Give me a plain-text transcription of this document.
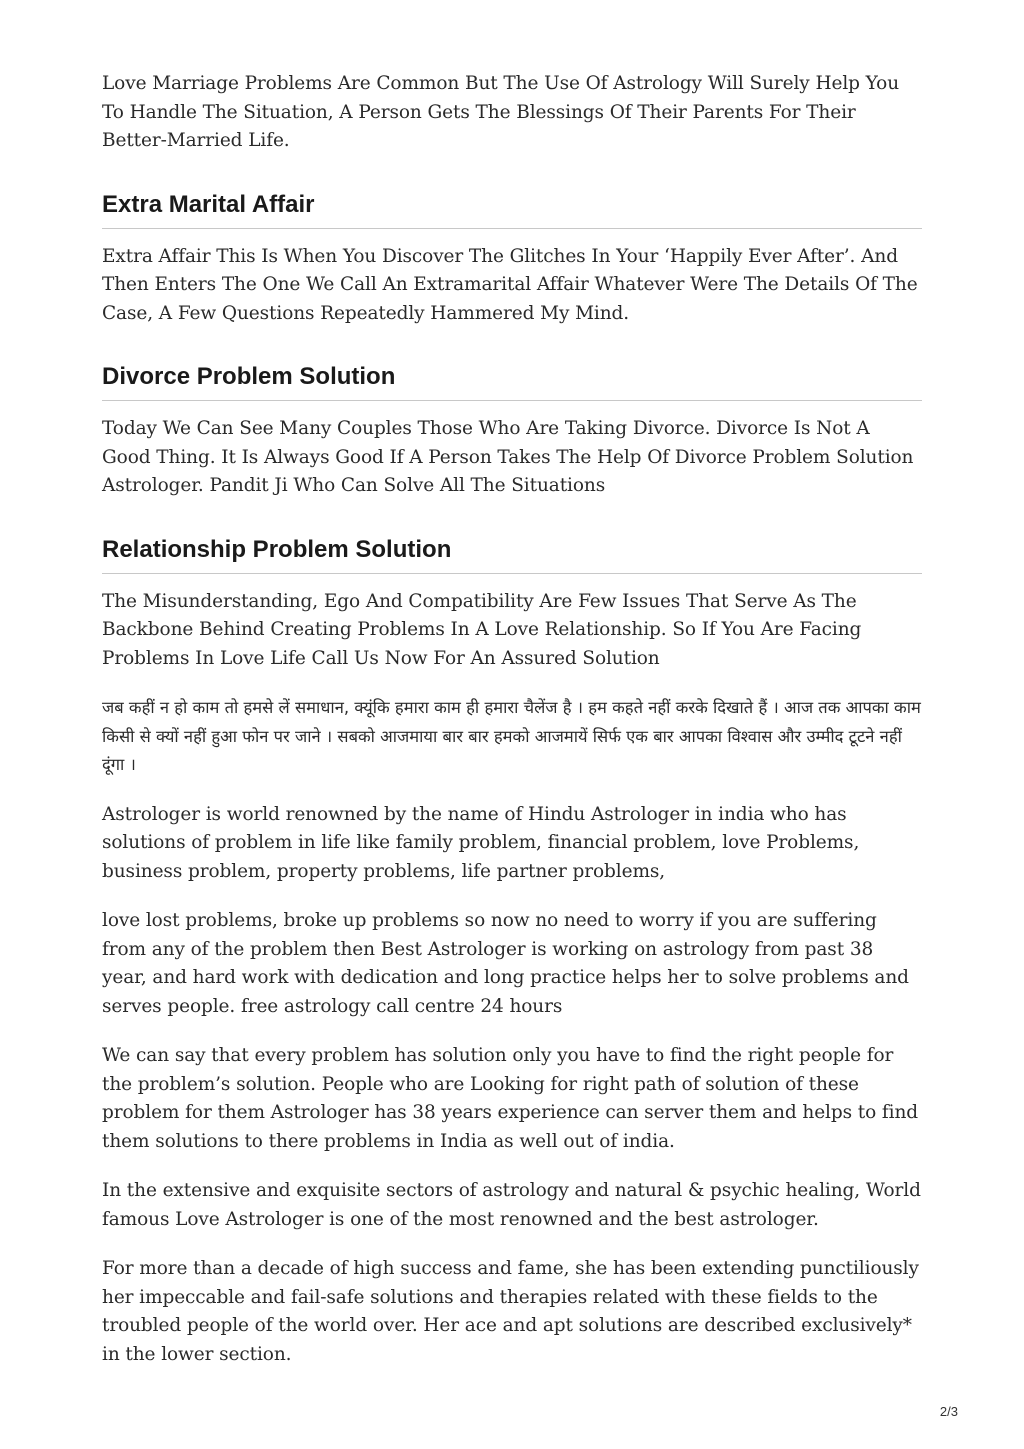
Love Marriage Problems Are Common But The Use Of Astrology Will Surely Help You To Handle The Situation, A Person Gets The Blessings Of Their Parents For Their Better-Married Life.

Extra Marital Affair

Extra Affair This Is When You Discover The Glitches In Your ‘Happily Ever After’. And Then Enters The One We Call An Extramarital Affair Whatever Were The Details Of The Case, A Few Questions Repeatedly Hammered My Mind.

Divorce Problem Solution

Today We Can See Many Couples Those Who Are Taking Divorce. Divorce Is Not A Good Thing. It Is Always Good If A Person Takes The Help Of Divorce Problem Solution Astrologer. Pandit Ji Who Can Solve All The Situations

Relationship Problem Solution

The Misunderstanding, Ego And Compatibility Are Few Issues That Serve As The Backbone Behind Creating Problems In A Love Relationship. So If You Are Facing Problems In Love Life Call Us Now For An Assured Solution

जब कहीं न हो काम तो हमसे लें समाधान, क्यूंकि हमारा काम ही हमारा चैलेंज है । हम कहते नहीं करके दिखाते हैं । आज तक आपका काम किसी से क्यों नहीं हुआ फोन पर जाने । सबको आजमाया बार बार हमको आजमायें सिर्फ एक बार आपका विश्वास और उम्मीद टूटने नहीं दूंगा ।

Astrologer is world renowned by the name of Hindu Astrologer in india who has solutions of problem in life like family problem, financial problem, love Problems, business problem, property problems, life partner problems,

love lost problems, broke up problems so now no need to worry if you are suffering from any of the problem then Best Astrologer is working on astrology from past 38 year, and hard work with dedication and long practice helps her to solve problems and serves people. free astrology call centre 24 hours

We can say that every problem has solution only you have to find the right people for the problem’s solution. People who are Looking for right path of solution of these problem for them Astrologer has 38 years experience can server them and helps to find them solutions to there problems in India as well out of india.

In the extensive and exquisite sectors of astrology and natural & psychic healing, World famous Love Astrologer is one of the most renowned and the best astrologer.

For more than a decade of high success and fame, she has been extending punctiliously her impeccable and fail-safe solutions and therapies related with these fields to the troubled people of the world over. Her ace and apt solutions are described exclusively* in the lower section.

2/3
